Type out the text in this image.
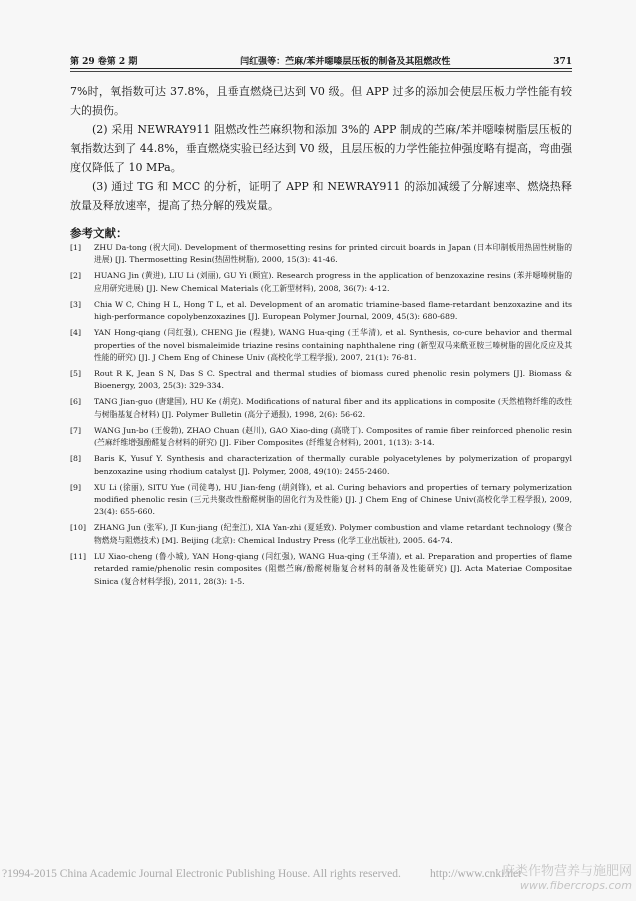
第 29 卷第 2 期	闫红强等：苎麻/苯并噁嗪层压板的制备及其阻燃改性	371

7%时，氧指数可达 37.8%，且垂直燃烧已达到 V0 级。但 APP 过多的添加会使层压板力学性能有较大的损伤。

(2) 采用 NEWRAY911 阻燃改性苎麻织物和添加 3%的 APP 制成的苎麻/苯并噁嗪树脂层压板的氧指数达到了 44.8%，垂直燃烧实验已经达到 V0 级，且层压板的力学性能拉伸强度略有提高，弯曲强度仅降低了 10 MPa。

(3) 通过 TG 和 MCC 的分析，证明了 APP 和 NEWRAY911 的添加减缓了分解速率、燃烧热释放量及释放速率，提高了热分解的残炭量。

参考文献：
[1]	ZHU Da-tong (祝大同). Development of thermosetting resins for printed circuit boards in Japan (日本印制板用热固性树脂的进展) [J]. Thermosetting Resin(热固性树脂), 2000, 15(3): 41-46.
[2]	HUANG Jin (黄进), LIU Li (刘丽), GU Yi (顾宜). Research progress in the application of benzoxazine resins (苯并噁嗪树脂的应用研究进展) [J]. New Chemical Materials (化工新型材料), 2008, 36(7): 4-12.
[3]	Chia W C, Ching H L, Hong T L, et al. Development of an aromatic triamine-based flame-retardant benzoxazine and its high-performance copolybenzoxazines [J]. European Polymer Journal, 2009, 45(3): 680-689.
[4]	YAN Hong-qiang (闫红强), CHENG Jie (程捷), WANG Hua-qing (王华清), et al. Synthesis, co-cure behavior and thermal properties of the novel bismaleimide triazine resins containing naphthalene ring (新型双马来酰亚胺三嗪树脂的固化反应及其性能的研究) [J]. J Chem Eng of Chinese Univ (高校化学工程学报), 2007, 21(1): 76-81.
[5]	Rout R K, Jean S N, Das S C. Spectral and thermal studies of biomass cured phenolic resin polymers [J]. Biomass & Bioenergy, 2003, 25(3): 329-334.
[6]	TANG Jian-guo (唐建国), HU Ke (胡克). Modifications of natural fiber and its applications in composite (天然植物纤维的改性与树脂基复合材料) [J]. Polymer Bulletin (高分子通报), 1998, 2(6): 56-62.
[7]	WANG Jun-bo (王俊勃), ZHAO Chuan (赵川), GAO Xiao-ding (高晓丁). Composites of ramie fiber reinforced phenolic resin (苎麻纤维增强酚醛复合材料的研究) [J]. Fiber Composites (纤维复合材料), 2001, 1(13): 3-14.
[8]	Baris K, Yusuf Y. Synthesis and characterization of thermally curable polyacetylenes by polymerization of propargyl benzoxazine using rhodium catalyst [J]. Polymer, 2008, 49(10): 2455-2460.
[9]	XU Li (徐丽), SITU Yue (司徒粤), HU Jian-feng (胡剑锋), et al. Curing behaviors and properties of ternary polymerization modified phenolic resin (三元共聚改性酚醛树脂的固化行为及性能) [J]. J Chem Eng of Chinese Univ(高校化学工程学报), 2009, 23(4): 655-660.
[10]	ZHANG Jun (张军), JI Kun-jiang (纪奎江), XIA Yan-zhi (夏延致). Polymer combustion and vlame retardant technology (聚合物燃烧与阻燃技术) [M]. Beijing (北京): Chemical Industry Press (化学工业出版社), 2005. 64-74.
[11]	LU Xiao-cheng (鲁小城), YAN Hong-qiang (闫红强), WANG Hua-qing (王华清), et al. Preparation and properties of flame retarded ramie/phenolic resin composites (阻燃苎麻/酚醛树脂复合材料的制备及性能研究) [J]. Acta Materiae Compositae Sinica (复合材料学报), 2011, 28(3): 1-5.
?1994-2015 China Academic Journal Electronic Publishing House. All rights reserved.	http://www.cnki.net
麻类作物营养与施肥网
www.fibercrops.com
